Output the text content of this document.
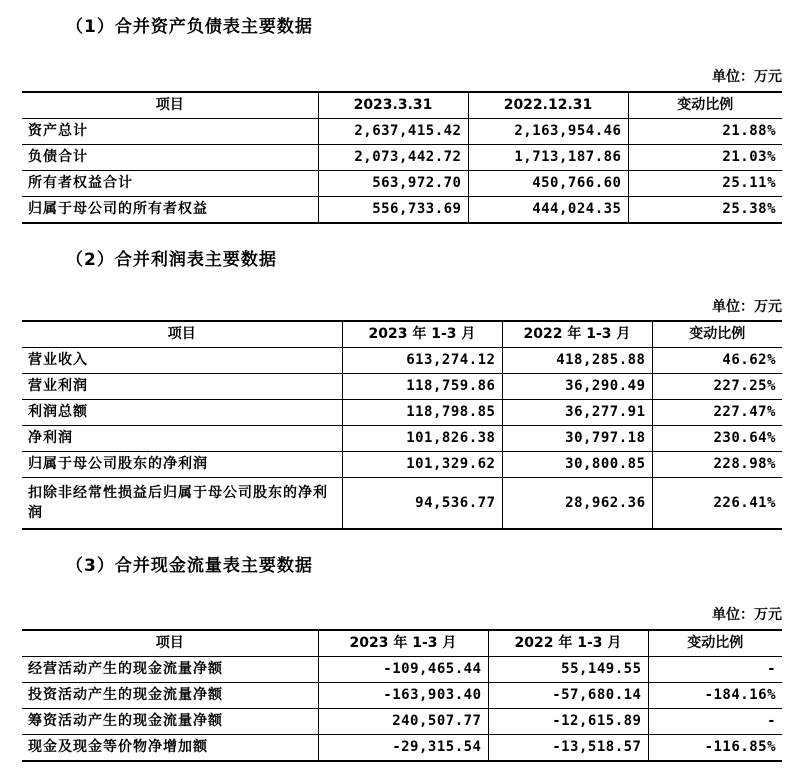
（1）合并资产负债表主要数据
单位：万元
项目	2023.3.31	2022.12.31	变动比例
资产总计	2,637,415.42	2,163,954.46	21.88%
负债合计	2,073,442.72	1,713,187.86	21.03%
所有者权益合计	563,972.70	450,766.60	25.11%
归属于母公司的所有者权益	556,733.69	444,024.35	25.38%
（2）合并利润表主要数据
单位：万元
项目	2023 年 1-3 月	2022 年 1-3 月	变动比例
营业收入	613,274.12	418,285.88	46.62%
营业利润	118,759.86	36,290.49	227.25%
利润总额	118,798.85	36,277.91	227.47%
净利润	101,826.38	30,797.18	230.64%
归属于母公司股东的净利润	101,329.62	30,800.85	228.98%
扣除非经常性损益后归属于母公司股东的净利润	94,536.77	28,962.36	226.41%
（3）合并现金流量表主要数据
单位：万元
项目	2023 年 1-3 月	2022 年 1-3 月	变动比例
经营活动产生的现金流量净额	-109,465.44	55,149.55	-
投资活动产生的现金流量净额	-163,903.40	-57,680.14	-184.16%
筹资活动产生的现金流量净额	240,507.77	-12,615.89	-
现金及现金等价物净增加额	-29,315.54	-13,518.57	-116.85%
